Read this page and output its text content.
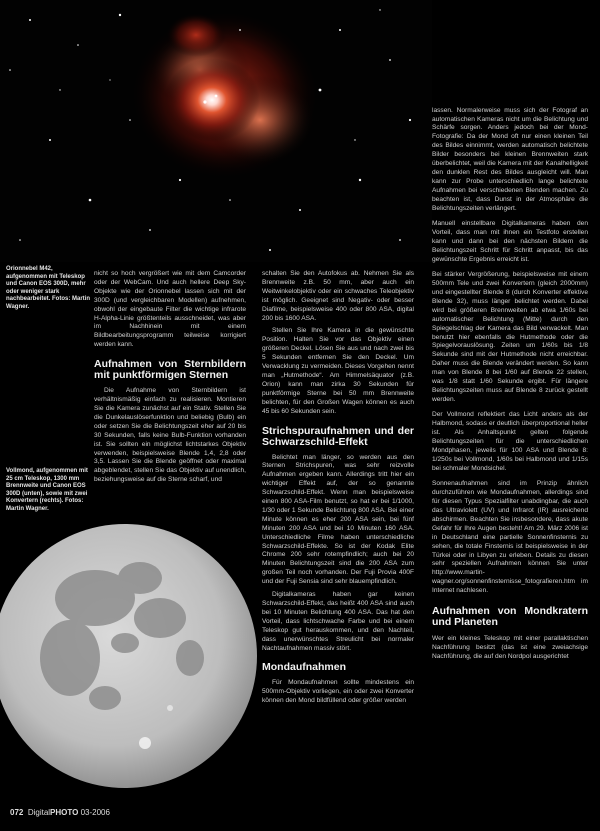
Orionnebel M42, aufgenommen mit Teleskop und Canon EOS 300D, mehr oder weniger stark nachbearbeitet. Fotos: Martin Wagner.
Vollmond, aufgenommen mit 25 cm Teleskop, 1300 mm Brennweite und Canon EOS 300D (unten), sowie mit zwei Konvertern (rechts). Fotos: Martin Wagner.

nicht so hoch vergrößert wie mit dem Camcorder oder der WebCam. Und auch hellere Deep Sky-Objekte wie der Orionnebel lassen sich mit der 300D (und vergleichbaren Modellen) aufnehmen, obwohl der eingebaute Filter die wichtige infrarote H-Alpha-Linie größtenteils ausschneidet, was aber im Nachhinein mit einem Bildbearbeitungsprogramm teilweise korrigiert werden kann.

Aufnahmen von Sternbildern mit punktförmigen Sternen

Die Aufnahme von Sternbildern ist verhältnismäßig einfach zu realisieren. Montieren Sie die Kamera zunächst auf ein Stativ. Stellen Sie die Dunkelauslöserfunktion und beliebig (Bulb) ein oder setzen Sie die Belichtungszeit eher auf 20 bis 30 Sekunden, falls keine Bulb-Funktion vorhanden ist. Sie sollten ein möglichst lichtstarkes Objektiv verwenden, beispielsweise Blende 1,4, 2,8 oder 3,5. Lassen Sie die Blende geöffnet oder maximal abgeblendet, stellen Sie das Objektiv auf unendlich, beziehungsweise auf die Sterne scharf, und

schalten Sie den Autofokus ab. Nehmen Sie als Brennweite z.B. 50 mm, aber auch ein Weitwinkelobjektiv oder ein schwaches Teleobjektiv ist möglich. Geeignet sind Negativ- oder besser Diafilme, beispielsweise 400 oder 800 ASA, digital 200 bis 1600 ASA.

Stellen Sie Ihre Kamera in die gewünschte Position. Halten Sie vor das Objektiv einen größeren Deckel. Lösen Sie aus und nach zwei bis 5 Sekunden entfernen Sie den Deckel. Um Verwacklung zu vermeiden. Dieses Vorgehen nennt man „Hutmethode“. Am Himmelsäquator (z.B. Orion) kann man zirka 30 Sekunden für punktförmige Sterne bei 50 mm Brennweite belichten, für den Großen Wagen können es auch 45 bis 60 Sekunden sein.

Strichspuraufnahmen und der Schwarzschild-Effekt

Belichtet man länger, so werden aus den Sternen Strichspuren, was sehr reizvolle Aufnahmen ergeben kann. Allerdings tritt hier ein wichtiger Effekt auf, der so genannte Schwarzschild-Effekt. Wenn man beispielsweise einen 800 ASA-Film benutzt, so hat er bei 1/1000, 1/30 oder 1 Sekunde Belichtung 800 ASA. Bei einer Minute können es eher 200 ASA sein, bei fünf Minuten 200 ASA und bei 10 Minuten 160 ASA. Unterschiedliche Filme haben unterschiedliche Schwarzschild-Effekte. So ist der Kodak Elite Chrome 200 sehr rotempfindlich; auch bei 20 Minuten Belichtungszeit sind die 200 ASA zum großen Teil noch vorhanden. Der Fuji Provia 400F und der Fuji Sensia sind sehr blauempfindlich.

Digitalkameras haben gar keinen Schwarzschild-Effekt, das heißt 400 ASA sind auch bei 10 Minuten Belichtung 400 ASA. Das hat den Vorteil, dass lichtschwache Farbe und bei einem Teleskop gut herauskommen, und den Nachteil, dass unerwünschtes Streulicht bei normaler Nachtaufnahmen massiv stört.

Mondaufnahmen

Für Mondaufnahmen sollte mindestens ein 500mm-Objektiv vorliegen, ein oder zwei Konverter können den Mond bildfüllend oder größer werden

lassen. Normalerweise muss sich der Fotograf an automatischen Kameras nicht um die Belichtung und Schärfe sorgen. Anders jedoch bei der Mond-Fotografie: Da der Mond oft nur einen kleinen Teil des Bildes einnimmt, werden automatisch belichtete Bilder besonders bei kleinen Brennweiten stark überbelichtet, weil die Kamera mit der Kanalhelligkeit den dunklen Rest des Bildes ausgleicht will. Man kann zur Probe unterschiedlich lange belichtete Aufnahmen bei verschiedenen Blenden machen. Zu beachten ist, dass Dunst in der Atmosphäre die Belichtungszeiten verlängert.

Manuell einstellbare Digitalkameras haben den Vorteil, dass man mit ihnen ein Testfoto erstellen kann und dann bei den nächsten Bildern die Belichtungszeit Schritt für Schritt anpasst, bis das gewünschte Ergebnis erreicht ist.

Bei stärker Vergrößerung, beispielsweise mit einem 500mm Tele und zwei Konvertern (gleich 2000mm) und eingestellter Blende 8 (durch Konverter effektive Blende 32), muss länger belichtet werden. Dabei wird bei größeren Brennweiten ab etwa 1/60s bei automatischer Belichtung (Mitte) durch den Spiegelschlag der Kamera das Bild verwackelt. Man benutzt hier ebenfalls die Hutmethode oder die Spiegelvorauslösung. Zeiten um 1/60s bis 1/8 Sekunde sind mit der Hutmethode nicht erreichbar. Daher muss die Blende verändert werden. So kann man von Blende 8 bei 1/60 auf Blende 22 stellen, was 1/8 statt 1/60 Sekunde ergibt. Für längere Belichtungszeiten muss auf Blende 8 zurück gestellt werden.

Der Vollmond reflektiert das Licht anders als der Halbmond, sodass er deutlich überproportional heller ist. Als Anhaltspunkt gelten folgende Belichtungszeiten für die unterschiedlichen Mondphasen, jeweils für 100 ASA und Blende 8: 1/250s bei Vollmond, 1/60s bei Halbmond und 1/15s bei schmaler Mondsichel.

Sonnenaufnahmen sind im Prinzip ähnlich durchzuführen wie Mondaufnahmen, allerdings sind für diesen Typus Spezialfilter unabdingbar, die auch das Ultraviolett (UV) und Infrarot (IR) ausreichend abschirmen. Beachten Sie insbesondere, dass akute Gefahr für Ihre Augen besteht! Am 29. März 2006 ist in Deutschland eine partielle Sonnenfinsternis zu sehen, die totale Finsternis ist beispielsweise in der Türkei oder in Libyen zu erleben. Details zu diesen sehr speziellen Aufnahmen können Sie unter http://www.martin-wagner.org/sonnenfinsternisse_fotografieren.htm im Internet nachlesen.

Aufnahmen von Mondkratern und Planeten

Wer ein kleines Teleskop mit einer parallaktischen Nachführung besitzt (das ist eine zweiachsige Nachführung, die auf den Nordpol ausgerichtet

072 DigitalPHOTO 03-2006
